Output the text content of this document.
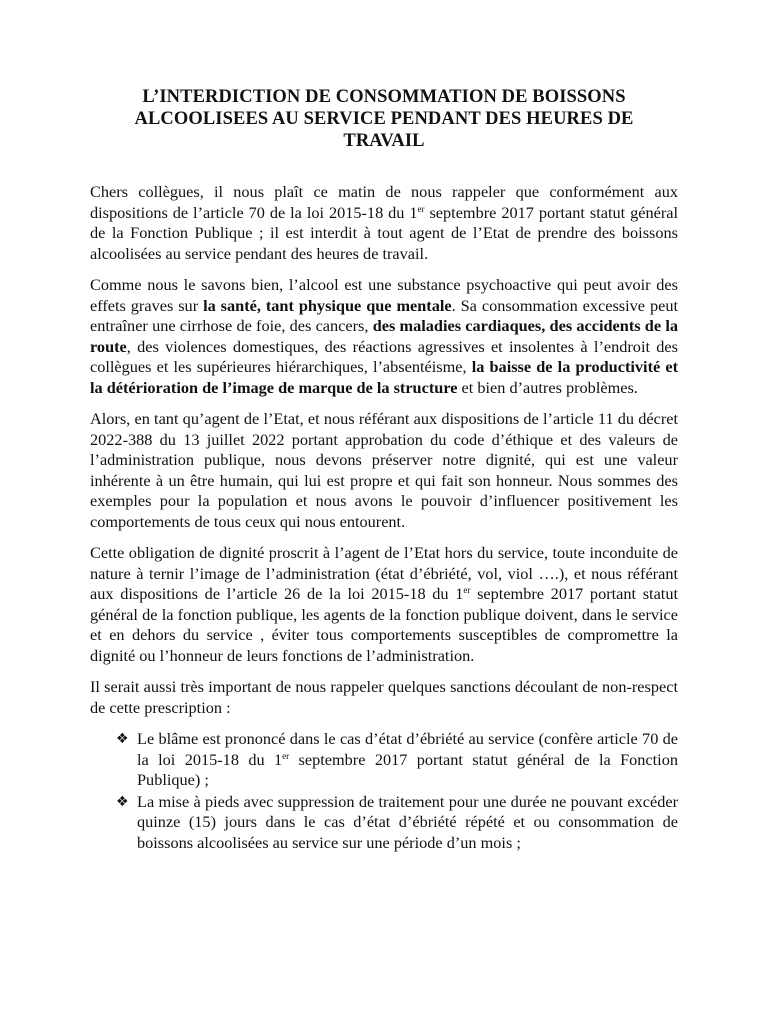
L’INTERDICTION DE CONSOMMATION DE BOISSONS
ALCOOLISEES AU SERVICE PENDANT DES HEURES DE
TRAVAIL

Chers collègues, il nous plaît ce matin de nous rappeler que conformément aux dispositions de l’article 70 de la loi 2015-18 du 1er septembre 2017 portant statut général de la Fonction Publique ; il est interdit à tout agent de l’Etat de prendre des boissons alcoolisées au service pendant des heures de travail.

Comme nous le savons bien, l’alcool est une substance psychoactive qui peut avoir des effets graves sur la santé, tant physique que mentale. Sa consommation excessive peut entraîner une cirrhose de foie, des cancers, des maladies cardiaques, des accidents de la route, des violences domestiques, des réactions agressives et insolentes à l’endroit des collègues et les supérieures hiérarchiques, l’absentéisme, la baisse de la productivité et la détérioration de l’image de marque de la structure et bien d’autres problèmes.

Alors, en tant qu’agent de l’Etat, et nous référant aux dispositions de l’article 11 du décret 2022-388 du 13 juillet 2022 portant approbation du code d’éthique et des valeurs de l’administration publique, nous devons préserver notre dignité, qui est une valeur inhérente à un être humain, qui lui est propre et qui fait son honneur. Nous sommes des exemples pour la population et nous avons le pouvoir d’influencer positivement les comportements de tous ceux qui nous entourent.

Cette obligation de dignité proscrit à l’agent de l’Etat hors du service, toute inconduite de nature à ternir l’image de l’administration (état d’ébriété, vol, viol ….), et nous référant aux dispositions de l’article 26 de la loi 2015-18 du 1er septembre 2017 portant statut général de la fonction publique, les agents de la fonction publique doivent, dans le service et en dehors du service , éviter tous comportements susceptibles de compromettre la dignité ou l’honneur de leurs fonctions de l’administration.

Il serait aussi très important de nous rappeler quelques sanctions découlant de non-respect de cette prescription :

❖ Le blâme est prononcé dans le cas d’état d’ébriété au service (confère article 70 de la loi 2015-18 du 1er septembre 2017 portant statut général de la Fonction Publique) ;
❖ La mise à pieds avec suppression de traitement pour une durée ne pouvant excéder quinze (15) jours dans le cas d’état d’ébriété répété et ou consommation de boissons alcoolisées au service sur une période d’un mois ;
